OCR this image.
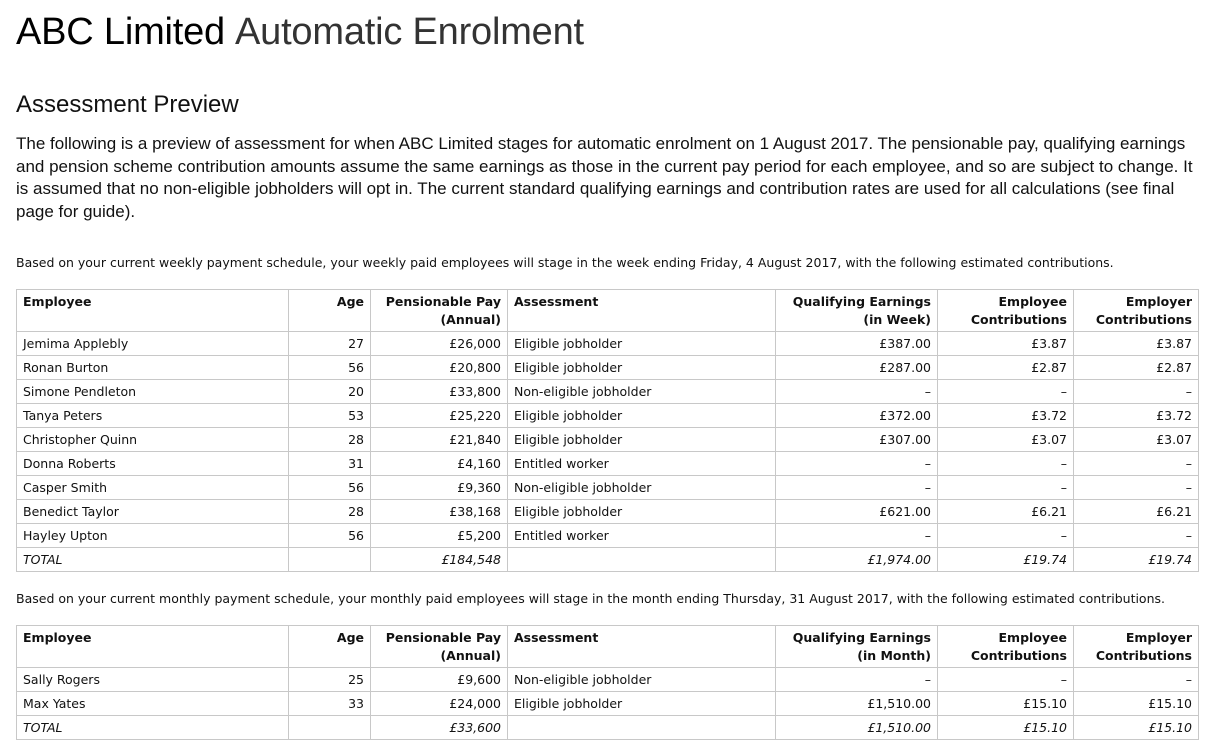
ABC Limited Automatic Enrolment
Assessment Preview

The following is a preview of assessment for when ABC Limited stages for automatic enrolment on 1 August 2017. The pensionable pay, qualifying earnings and pension scheme contribution amounts assume the same earnings as those in the current pay period for each employee, and so are subject to change. It is assumed that no non-eligible jobholders will opt in. The current standard qualifying earnings and contribution rates are used for all calculations (see final page for guide).

Based on your current weekly payment schedule, your weekly paid employees will stage in the week ending Friday, 4 August 2017, with the following estimated contributions.

Employee	Age	Pensionable Pay (Annual)	Assessment	Qualifying Earnings (in Week)	Employee Contributions	Employer Contributions
Jemima Applebly	27	£26,000	Eligible jobholder	£387.00	£3.87	£3.87
Ronan Burton	56	£20,800	Eligible jobholder	£287.00	£2.87	£2.87
Simone Pendleton	20	£33,800	Non-eligible jobholder	–	–	–
Tanya Peters	53	£25,220	Eligible jobholder	£372.00	£3.72	£3.72
Christopher Quinn	28	£21,840	Eligible jobholder	£307.00	£3.07	£3.07
Donna Roberts	31	£4,160	Entitled worker	–	–	–
Casper Smith	56	£9,360	Non-eligible jobholder	–	–	–
Benedict Taylor	28	£38,168	Eligible jobholder	£621.00	£6.21	£6.21
Hayley Upton	56	£5,200	Entitled worker	–	–	–
TOTAL		£184,548		£1,974.00	£19.74	£19.74

Based on your current monthly payment schedule, your monthly paid employees will stage in the month ending Thursday, 31 August 2017, with the following estimated contributions.

Employee	Age	Pensionable Pay (Annual)	Assessment	Qualifying Earnings (in Month)	Employee Contributions	Employer Contributions
Sally Rogers	25	£9,600	Non-eligible jobholder	–	–	–
Max Yates	33	£24,000	Eligible jobholder	£1,510.00	£15.10	£15.10
TOTAL		£33,600		£1,510.00	£15.10	£15.10
